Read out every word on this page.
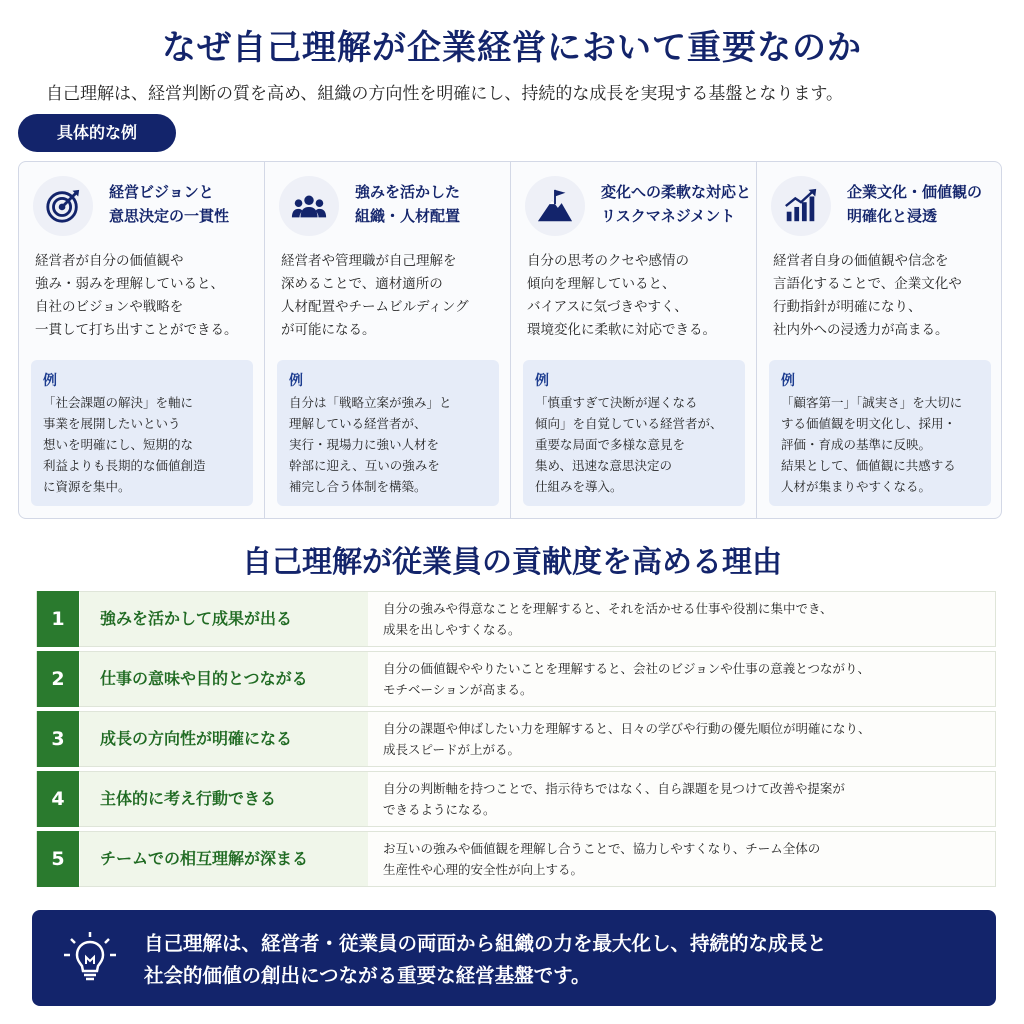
なぜ自己理解が企業経営において重要なのか
自己理解は、経営判断の質を高め、組織の方向性を明確にし、持続的な成長を実現する基盤となります。
具体的な例
経営ビジョンと
意思決定の一貫性
経営者が自分の価値観や
強み・弱みを理解していると、
自社のビジョンや戦略を
一貫して打ち出すことができる。
例
「社会課題の解決」を軸に
事業を展開したいという
想いを明確にし、短期的な
利益よりも長期的な価値創造
に資源を集中。
強みを活かした
組織・人材配置
経営者や管理職が自己理解を
深めることで、適材適所の
人材配置やチームビルディング
が可能になる。
例
自分は「戦略立案が強み」と
理解している経営者が、
実行・現場力に強い人材を
幹部に迎え、互いの強みを
補完し合う体制を構築。
変化への柔軟な対応と
リスクマネジメント
自分の思考のクセや感情の
傾向を理解していると、
バイアスに気づきやすく、
環境変化に柔軟に対応できる。
例
「慎重すぎて決断が遅くなる
傾向」を自覚している経営者が、
重要な局面で多様な意見を
集め、迅速な意思決定の
仕組みを導入。
企業文化・価値観の
明確化と浸透
経営者自身の価値観や信念を
言語化することで、企業文化や
行動指針が明確になり、
社内外への浸透力が高まる。
例
「顧客第一」「誠実さ」を大切に
する価値観を明文化し、採用・
評価・育成の基準に反映。
結果として、価値観に共感する
人材が集まりやすくなる。
自己理解が従業員の貢献度を高める理由
1	強みを活かして成果が出る
自分の強みや得意なことを理解すると、それを活かせる仕事や役割に集中でき、
成果を出しやすくなる。
2	仕事の意味や目的とつながる
自分の価値観ややりたいことを理解すると、会社のビジョンや仕事の意義とつながり、
モチベーションが高まる。
3	成長の方向性が明確になる
自分の課題や伸ばしたい力を理解すると、日々の学びや行動の優先順位が明確になり、
成長スピードが上がる。
4	主体的に考え行動できる
自分の判断軸を持つことで、指示待ちではなく、自ら課題を見つけて改善や提案が
できるようになる。
5	チームでの相互理解が深まる
お互いの強みや価値観を理解し合うことで、協力しやすくなり、チーム全体の
生産性や心理的安全性が向上する。
自己理解は、経営者・従業員の両面から組織の力を最大化し、持続的な成長と
社会的価値の創出につながる重要な経営基盤です。
